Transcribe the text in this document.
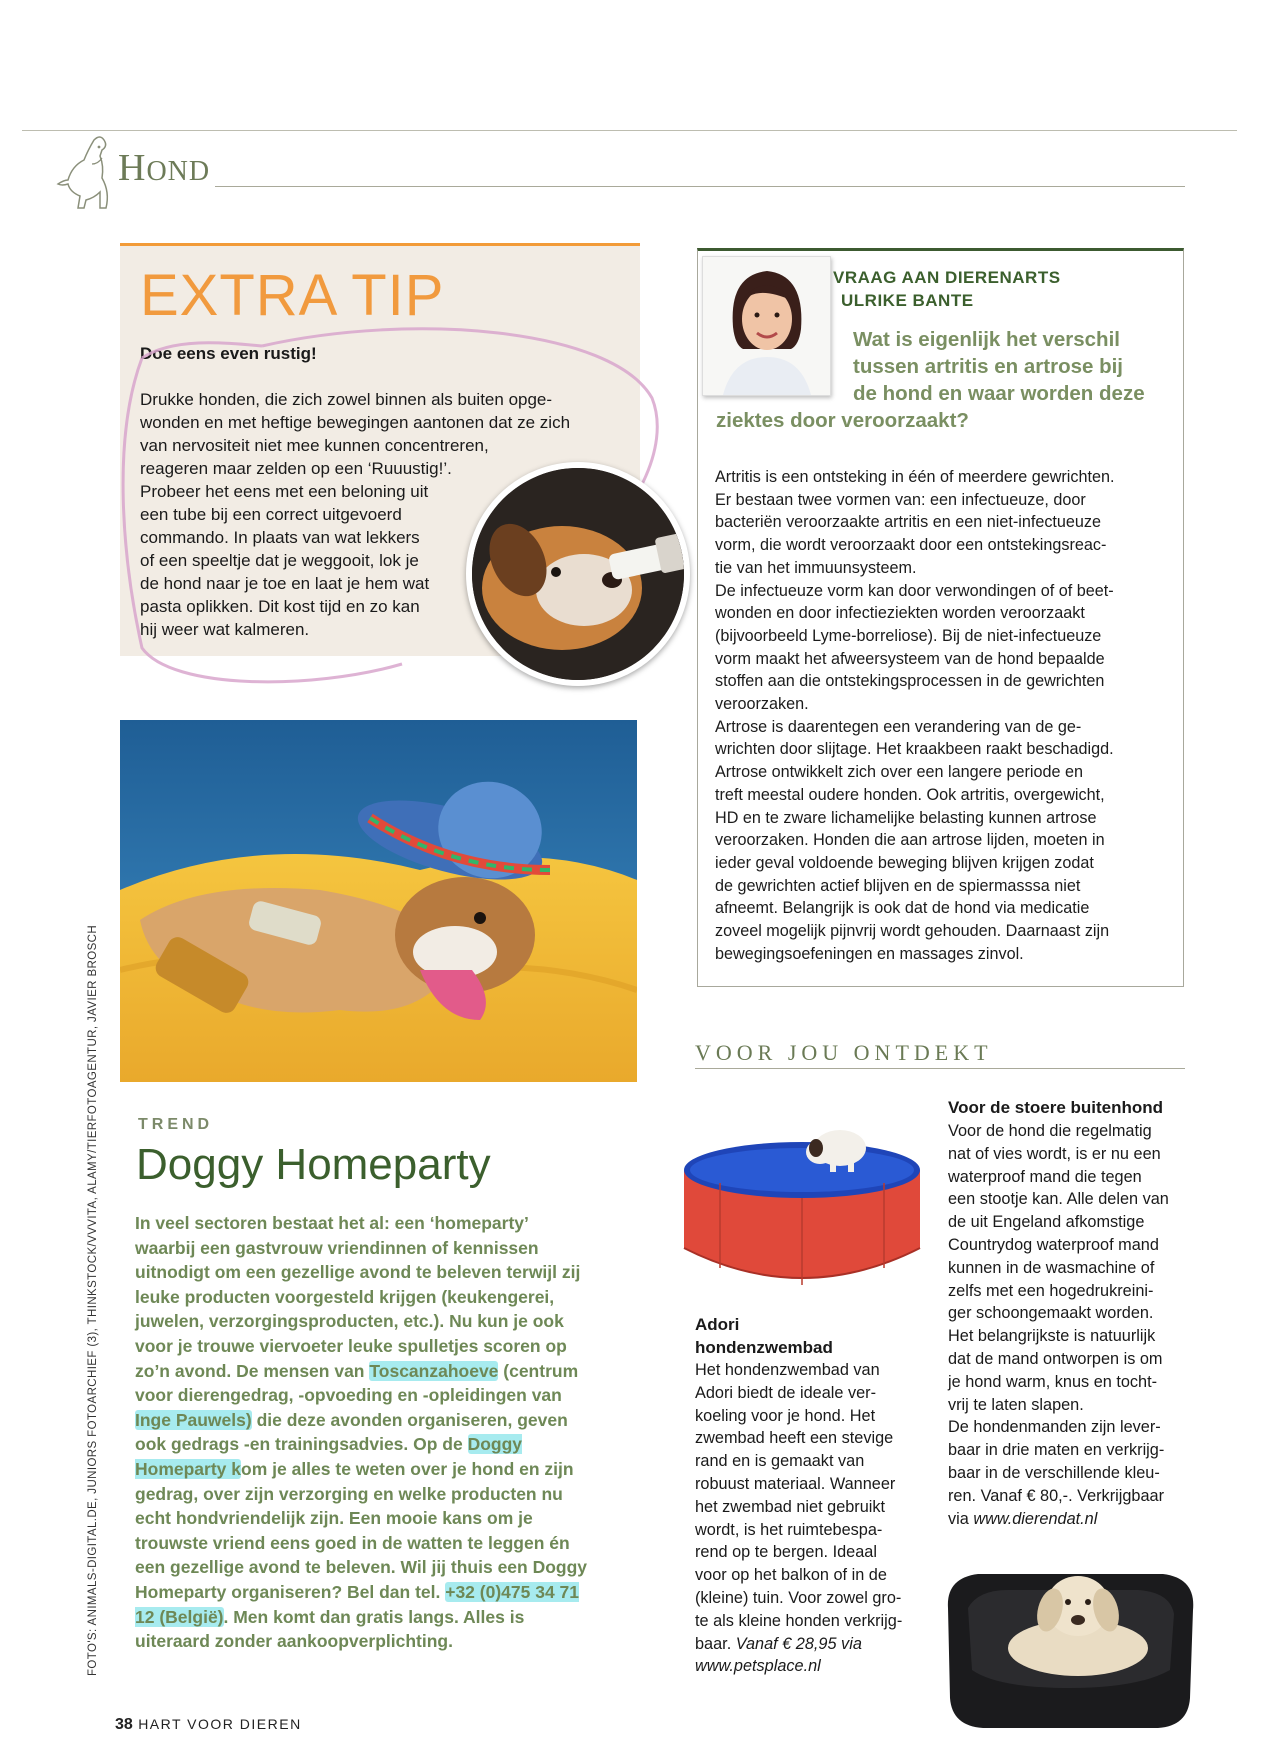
HOND
EXTRA TIP
Doe eens even rustig!
Drukke honden, die zich zowel binnen als buiten opge-
wonden en met heftige bewegingen aantonen dat ze zich
van nervositeit niet mee kunnen concentreren,
reageren maar zelden op een ‘Ruuustig!’.
Probeer het eens met een beloning uit
een tube bij een correct uitgevoerd
commando. In plaats van wat lekkers
of een speeltje dat je weggooit, lok je
de hond naar je toe en laat je hem wat
pasta oplikken. Dit kost tijd en zo kan
hij weer wat kalmeren.
TREND
Doggy Homeparty
In veel sectoren bestaat het al: een ‘homeparty’ waarbij een gastvrouw vriendinnen of kennissen uitnodigt om een gezellige avond te beleven terwijl zij leuke producten voorgesteld krijgen (keukengerei, juwelen, verzorgingsproducten, etc.). Nu kun je ook voor je trouwe viervoeter leuke spulletjes scoren op zo’n avond. De mensen van Toscanzahoeve (centrum voor dierengedrag, -opvoeding en -opleidingen van Inge Pauwels) die deze avonden organiseren, geven ook gedrags -en trainingsadvies. Op de Doggy Homeparty kom je alles te weten over je hond en zijn gedrag, over zijn verzorging en welke producten nu echt hondvriendelijk zijn. Een mooie kans om je trouwste vriend eens goed in de watten te leggen én een gezellige avond te beleven. Wil jij thuis een Doggy Homeparty organiseren? Bel dan tel. +32 (0)475 34 71 12 (België). Men komt dan gratis langs. Alles is uiteraard zonder aankoopverplichting.
FOTO'S: ANIMALS-DIGITAL.DE, JUNIORS FOTOARCHIEF (3), THINKSTOCK/VVVITA, ALAMY/TIERFOTOAGENTUR, JAVIER BROSCH
38 HART VOOR DIEREN
VRAAG AAN DIERENARTS
ULRIKE BANTE
Wat is eigenlijk het verschil
tussen artritis en artrose bij
de hond en waar worden deze
ziektes door veroorzaakt?
Artritis is een ontsteking in één of meerdere gewrichten.
Er bestaan twee vormen van: een infectueuze, door
bacteriën veroorzaakte artritis en een niet-infectueuze
vorm, die wordt veroorzaakt door een ontstekingsreac-
tie van het immuunsysteem.
De infectueuze vorm kan door verwondingen of of beet-
wonden en door infectieziekten worden veroorzaakt
(bijvoorbeeld Lyme-borreliose). Bij de niet-infectueuze
vorm maakt het afweersysteem van de hond bepaalde
stoffen aan die ontstekingsprocessen in de gewrichten
veroorzaken.
Artrose is daarentegen een verandering van de ge-
wrichten door slijtage. Het kraakbeen raakt beschadigd.
Artrose ontwikkelt zich over een langere periode en
treft meestal oudere honden. Ook artritis, overgewicht,
HD en te zware lichamelijke belasting kunnen artrose
veroorzaken. Honden die aan artrose lijden, moeten in
ieder geval voldoende beweging blijven krijgen zodat
de gewrichten actief blijven en de spiermasssa niet
afneemt. Belangrijk is ook dat de hond via medicatie
zoveel mogelijk pijnvrij wordt gehouden. Daarnaast zijn
bewegingsoefeningen en massages zinvol.
VOOR JOU ONTDEKT
Adori
hondenzwembad
Het hondenzwembad van
Adori biedt de ideale ver-
koeling voor je hond. Het
zwembad heeft een stevige
rand en is gemaakt van
robuust materiaal. Wanneer
het zwembad niet gebruikt
wordt, is het ruimtebespa-
rend op te bergen. Ideaal
voor op het balkon of in de
(kleine) tuin. Voor zowel gro-
te als kleine honden verkrijg-
baar. Vanaf € 28,95 via
www.petsplace.nl
Voor de stoere buitenhond
Voor de hond die regelmatig
nat of vies wordt, is er nu een
waterproof mand die tegen
een stootje kan. Alle delen van
de uit Engeland afkomstige
Countrydog waterproof mand
kunnen in de wasmachine of
zelfs met een hogedrukreini-
ger schoongemaakt worden.
Het belangrijkste is natuurlijk
dat de mand ontworpen is om
je hond warm, knus en tocht-
vrij te laten slapen.
De hondenmanden zijn lever-
baar in drie maten en verkrijg-
baar in de verschillende kleu-
ren. Vanaf € 80,-. Verkrijgbaar
via www.dierendat.nl
